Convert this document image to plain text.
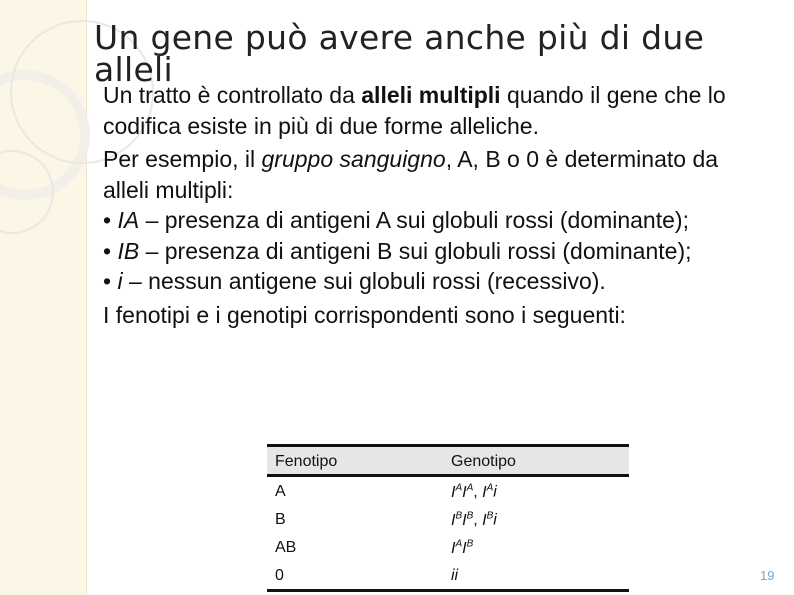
Un gene può avere anche più di due alleli

Un tratto è controllato da alleli multipli quando il gene che lo codifica esiste in più di due forme alleliche.

Per esempio, il gruppo sanguigno, A, B o 0 è determinato da alleli multipli:
• IA – presenza di antigeni A sui globuli rossi (dominante);
• IB – presenza di antigeni B sui globuli rossi (dominante);
• i – nessun antigene sui globuli rossi (recessivo).

I fenotipi e i genotipi corrispondenti sono i seguenti:

Fenotipo	Genotipo
A	$I^AI^A$, $I^Ai$
B	$I^BI^B$, $I^Bi$
AB	$I^AI^B$
0	ii	19
